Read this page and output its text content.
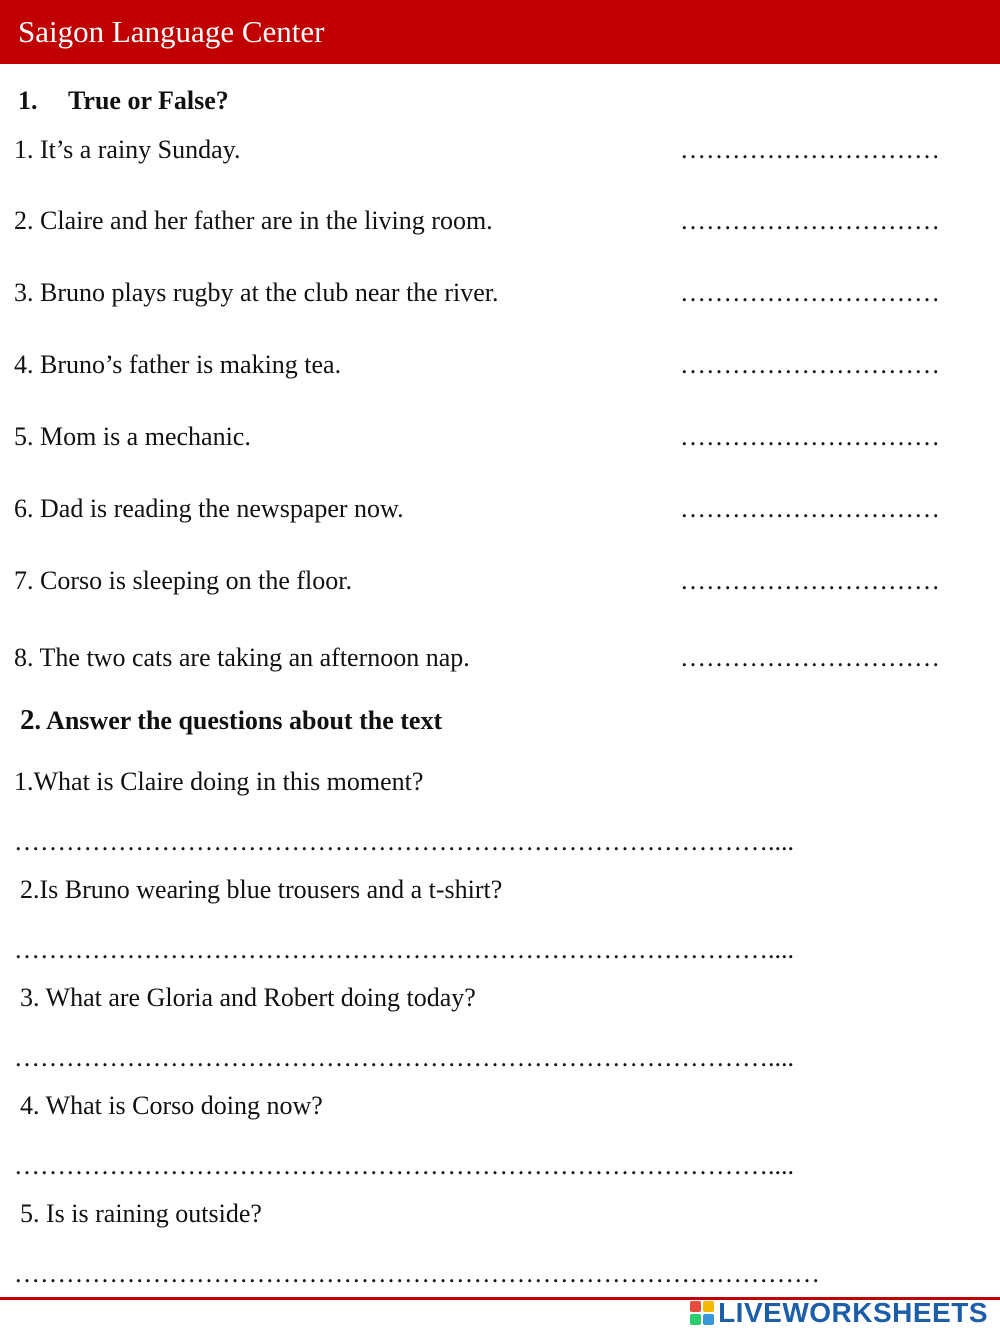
Saigon Language Center
1. True or False?
1. It’s a rainy Sunday.	…………………………
2. Claire and her father are in the living room.	…………………………
3. Bruno plays rugby at the club near the river.	…………………………
4. Bruno’s father is making tea.	…………………………
5. Mom is a mechanic.	…………………………
6. Dad is reading the newspaper now.	…………………………
7. Corso is sleeping on the floor.	…………………………
8. The two cats are taking an afternoon nap.	…………………………
2. Answer the questions about the text
1.What is Claire doing in this moment?
……………………………………………………………………………....
2.Is Bruno wearing blue trousers and a t-shirt?
……………………………………………………………………………....
3. What are Gloria and Robert doing today?
……………………………………………………………………………....
4. What is Corso doing now?
……………………………………………………………………………....
5. Is is raining outside?
…………………………………………………………………………………
LIVEWORKSHEETS
